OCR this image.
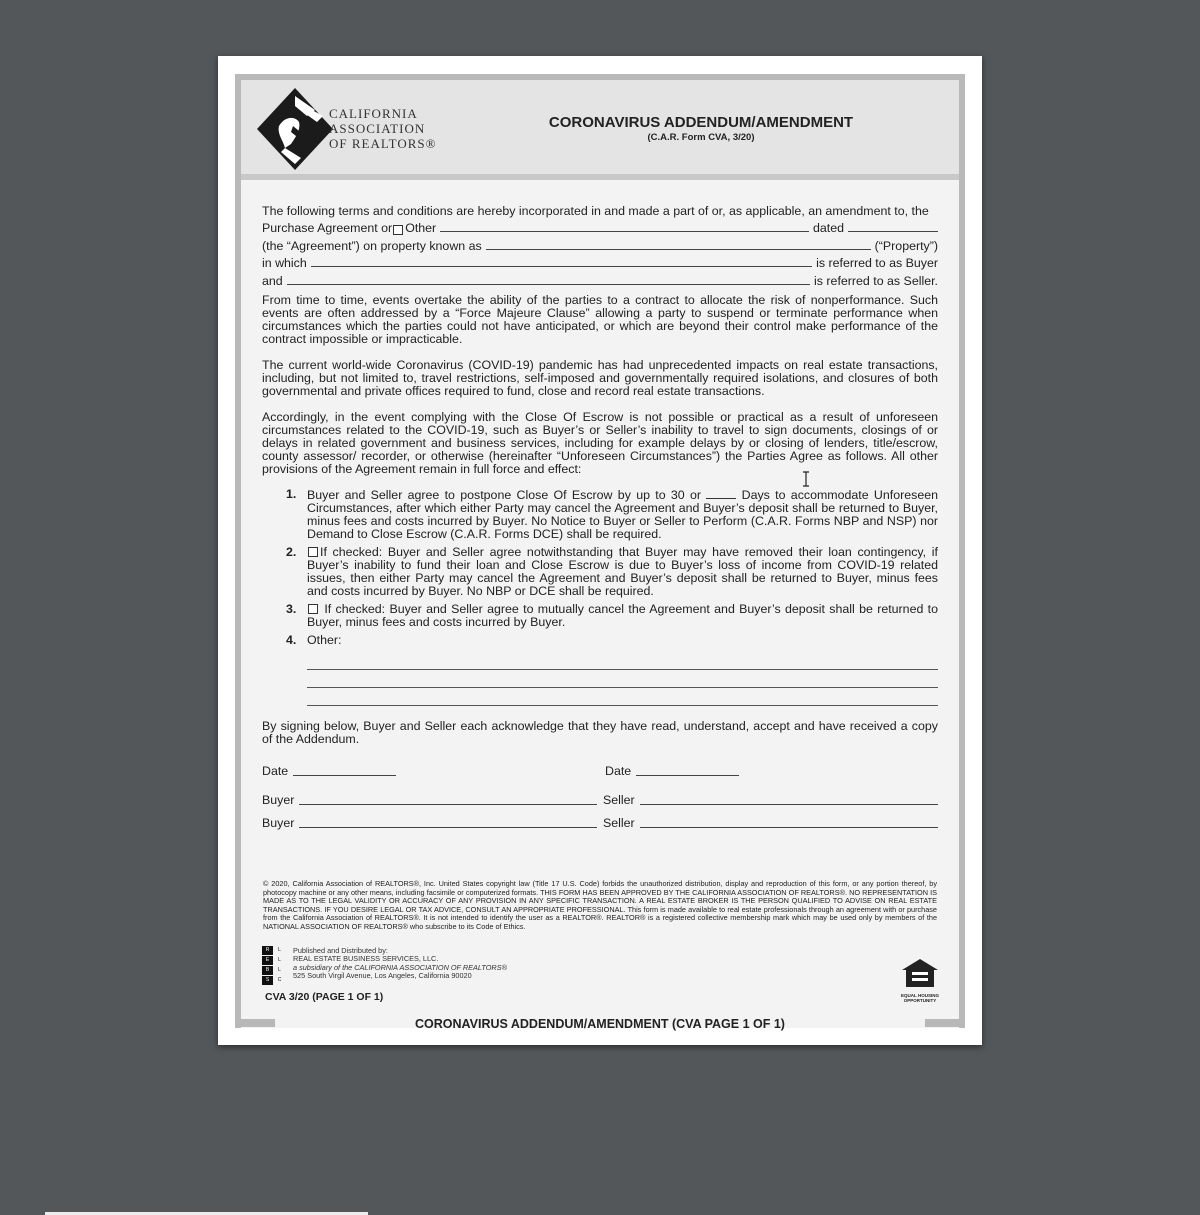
CALIFORNIA
ASSOCIATION
OF REALTORS®
CORONAVIRUS ADDENDUM/AMENDMENT
(C.A.R. Form CVA, 3/20)
The following terms and conditions are hereby incorporated in and made a part of or, as applicable, an amendment to, the
Purchase Agreement or Other	dated
(the “Agreement”) on property known as	(“Property”)
in which	is referred to as Buyer
and	is referred to as Seller.
From time to time, events overtake the ability of the parties to a contract to allocate the risk of nonperformance. Such events are often addressed by a “Force Majeure Clause” allowing a party to suspend or terminate performance when circumstances which the parties could not have anticipated, or which are beyond their control make performance of the contract impossible or impracticable.
The current world-wide Coronavirus (COVID-19) pandemic has had unprecedented impacts on real estate transactions, including, but not limited to, travel restrictions, self-imposed and governmentally required isolations, and closures of both governmental and private offices required to fund, close and record real estate transactions.
Accordingly, in the event complying with the Close Of Escrow is not possible or practical as a result of unforeseen circumstances related to the COVID-19, such as Buyer’s or Seller’s inability to travel to sign documents, closings of or delays in related government and business services, including for example delays by or closing of lenders, title/escrow, county assessor/ recorder, or otherwise (hereinafter “Unforeseen Circumstances”) the Parties Agree as follows. All other provisions of the Agreement remain in full force and effect:
1. Buyer and Seller agree to postpone Close Of Escrow by up to 30 or	Days to accommodate Unforeseen Circumstances, after which either Party may cancel the Agreement and Buyer’s deposit shall be returned to Buyer, minus fees and costs incurred by Buyer. No Notice to Buyer or Seller to Perform (C.A.R. Forms NBP and NSP) nor Demand to Close Escrow (C.A.R. Forms DCE) shall be required.
2. If checked: Buyer and Seller agree notwithstanding that Buyer may have removed their loan contingency, if Buyer’s inability to fund their loan and Close Escrow is due to Buyer’s loss of income from COVID-19 related issues, then either Party may cancel the Agreement and Buyer’s deposit shall be returned to Buyer, minus fees and costs incurred by Buyer. No NBP or DCE shall be required.
3. If checked: Buyer and Seller agree to mutually cancel the Agreement and Buyer’s deposit shall be returned to Buyer, minus fees and costs incurred by Buyer.
4. Other:
By signing below, Buyer and Seller each acknowledge that they have read, understand, accept and have received a copy of the Addendum.
Date	Date
Buyer	Seller
Buyer	Seller
© 2020, California Association of REALTORS®, Inc. United States copyright law (Title 17 U.S. Code) forbids the unauthorized distribution, display and reproduction of this form, or any portion thereof, by photocopy machine or any other means, including facsimile or computerized formats. THIS FORM HAS BEEN APPROVED BY THE CALIFORNIA ASSOCIATION OF REALTORS®. NO REPRESENTATION IS MADE AS TO THE LEGAL VALIDITY OR ACCURACY OF ANY PROVISION IN ANY SPECIFIC TRANSACTION. A REAL ESTATE BROKER IS THE PERSON QUALIFIED TO ADVISE ON REAL ESTATE TRANSACTIONS. IF YOU DESIRE LEGAL OR TAX ADVICE, CONSULT AN APPROPRIATE PROFESSIONAL. This form is made available to real estate professionals through an agreement with or purchase from the California Association of REALTORS®. It is not intended to identify the user as a REALTOR®. REALTOR® is a registered collective membership mark which may be used only by members of the NATIONAL ASSOCIATION OF REALTORS® who subscribe to its Code of Ethics.
R	L
E	L
B	L
S	C
Published and Distributed by:
REAL ESTATE BUSINESS SERVICES, LLC.
a subsidiary of the CALIFORNIA ASSOCIATION OF REALTORS®
525 South Virgil Avenue, Los Angeles, California 90020
CVA 3/20 (PAGE 1 OF 1)	EQUAL HOUSING
OPPORTUNITY
CORONAVIRUS ADDENDUM/AMENDMENT (CVA PAGE 1 OF 1)
